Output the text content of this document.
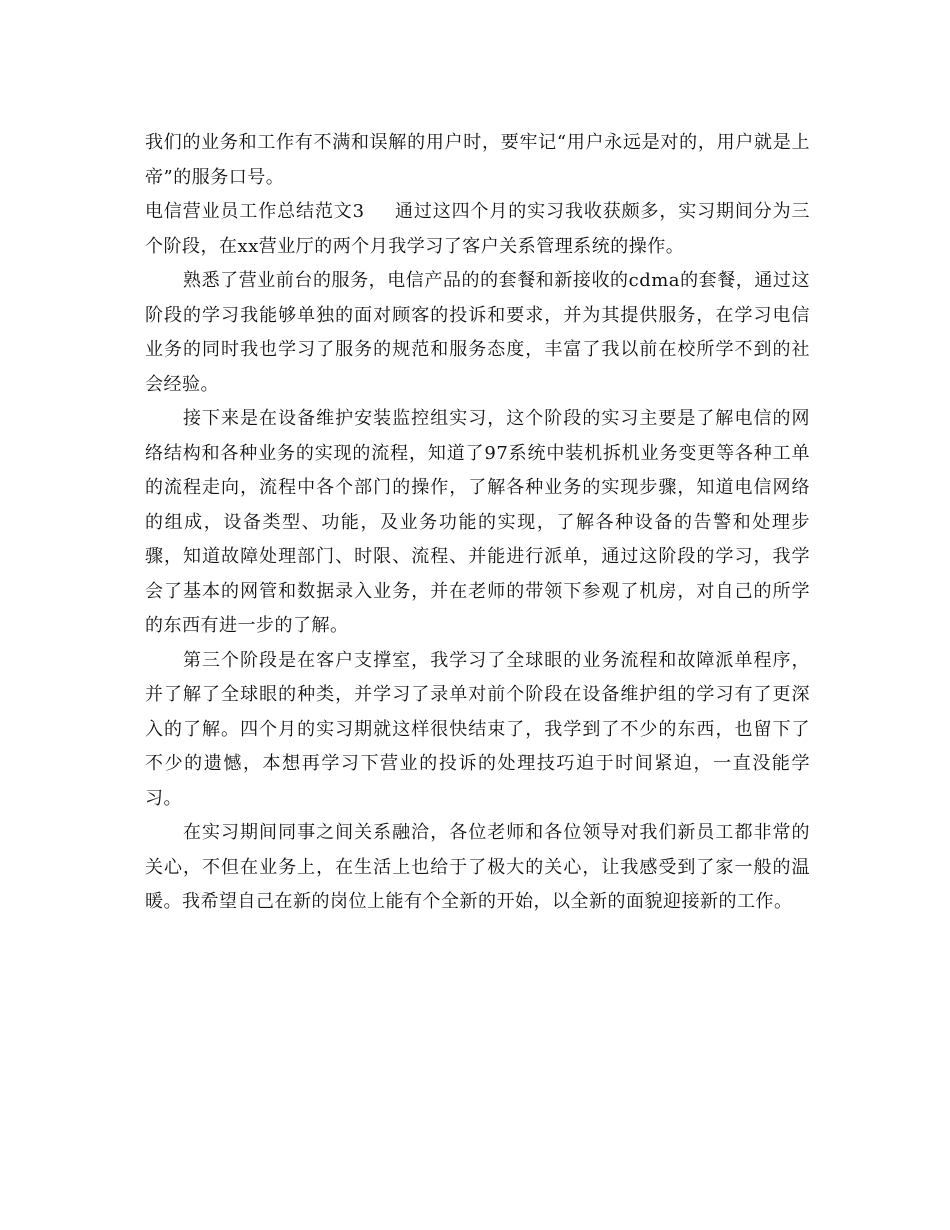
我们的业务和工作有不满和误解的用户时，要牢记“用户永远是对的，用户就是上帝”的服务口号。

电信营业员工作总结范文3 通过这四个月的实习我收获颇多，实习期间分为三个阶段，在xx营业厅的两个月我学习了客户关系管理系统的操作。

熟悉了营业前台的服务，电信产品的的套餐和新接收的cdma的套餐，通过这阶段的学习我能够单独的面对顾客的投诉和要求，并为其提供服务，在学习电信业务的同时我也学习了服务的规范和服务态度，丰富了我以前在校所学不到的社会经验。

接下来是在设备维护安装监控组实习，这个阶段的实习主要是了解电信的网络结构和各种业务的实现的流程，知道了97系统中装机拆机业务变更等各种工单的流程走向，流程中各个部门的操作，了解各种业务的实现步骤，知道电信网络的组成，设备类型、功能，及业务功能的实现，了解各种设备的告警和处理步骤，知道故障处理部门、时限、流程、并能进行派单，通过这阶段的学习，我学会了基本的网管和数据录入业务，并在老师的带领下参观了机房，对自己的所学的东西有进一步的了解。

第三个阶段是在客户支撑室，我学习了全球眼的业务流程和故障派单程序，并了解了全球眼的种类，并学习了录单对前个阶段在设备维护组的学习有了更深入的了解。四个月的实习期就这样很快结束了，我学到了不少的东西，也留下了不少的遗憾，本想再学习下营业的投诉的处理技巧迫于时间紧迫，一直没能学习。

在实习期间同事之间关系融洽，各位老师和各位领导对我们新员工都非常的关心，不但在业务上，在生活上也给于了极大的关心，让我感受到了家一般的温暖。我希望自己在新的岗位上能有个全新的开始，以全新的面貌迎接新的工作。
